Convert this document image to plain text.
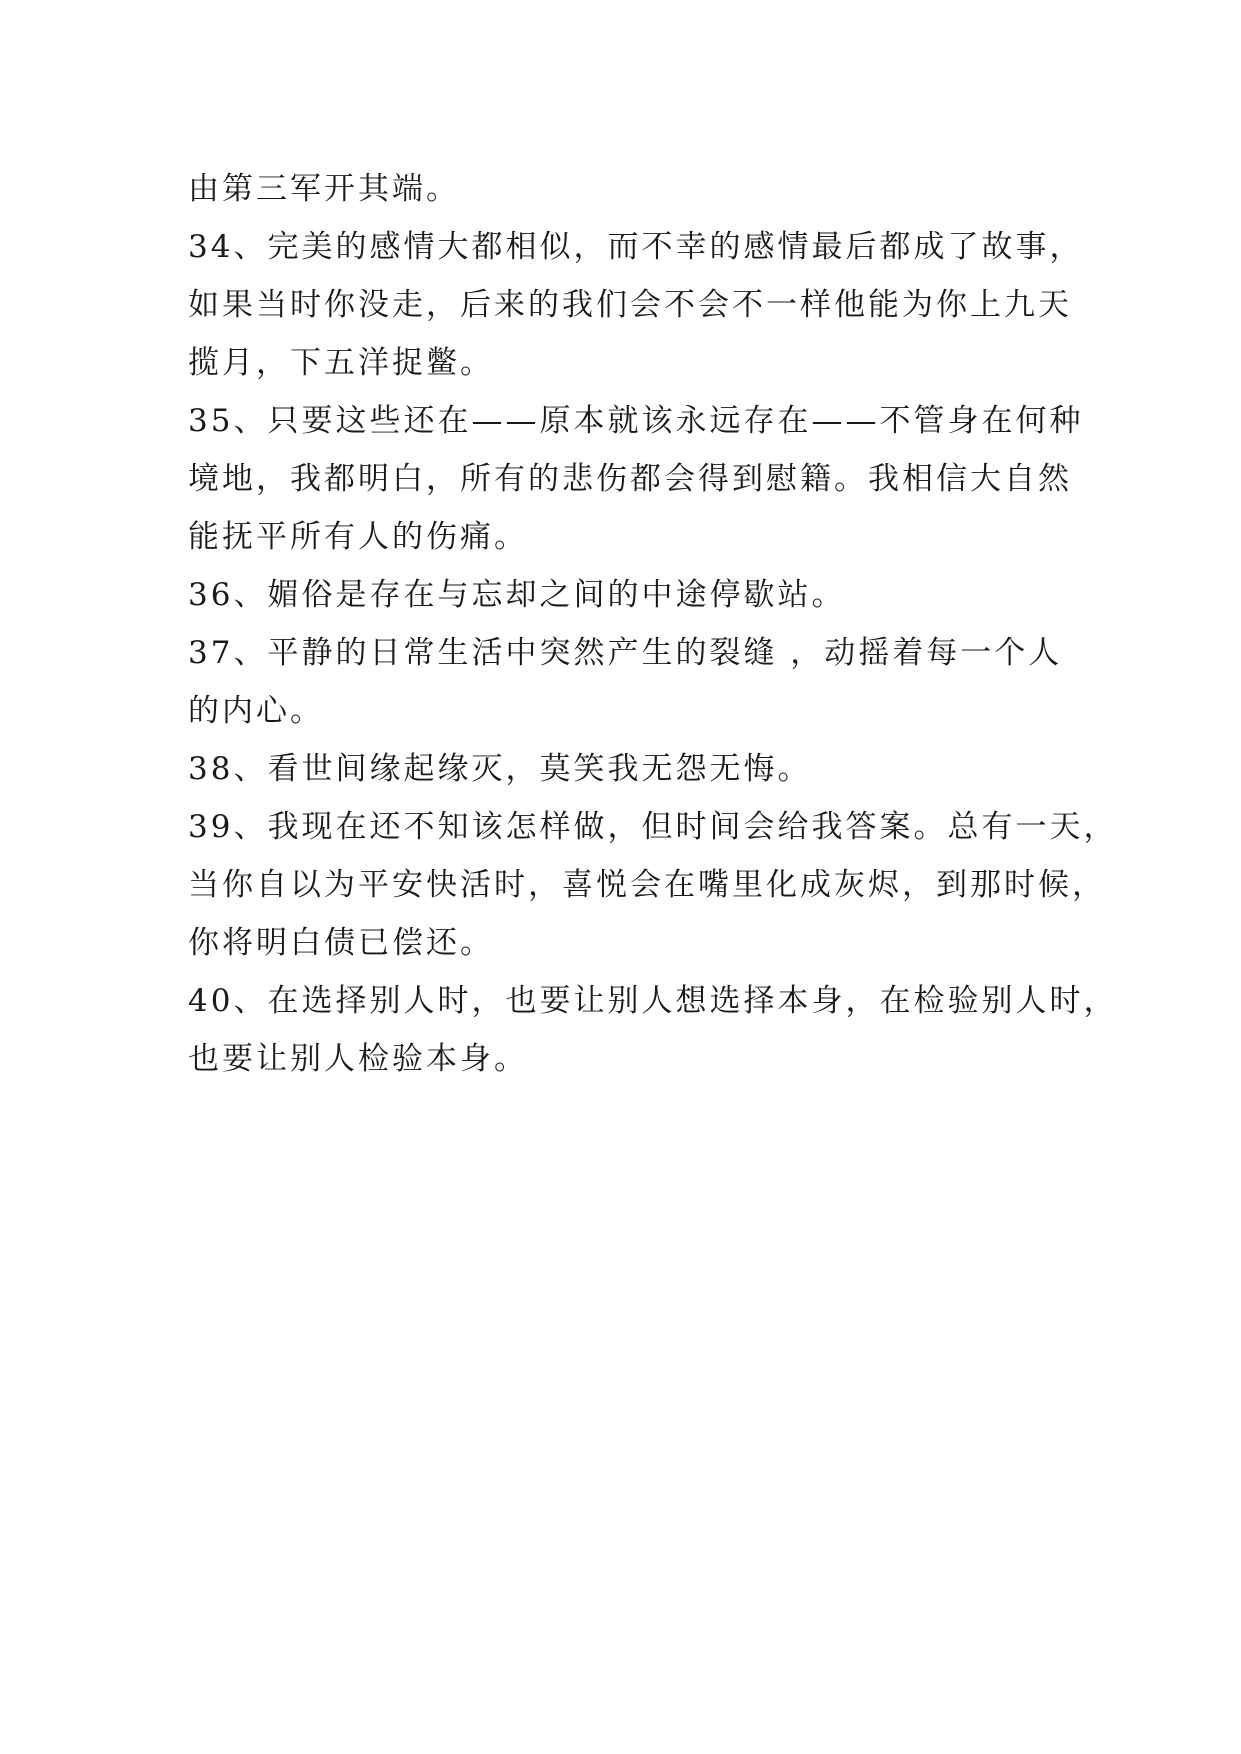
由第三军开其端。
34、完美的感情大都相似，而不幸的感情最后都成了故事，
如果当时你没走，后来的我们会不会不一样他能为你上九天
揽月，下五洋捉鳖。
35、只要这些还在——原本就该永远存在——不管身在何种
境地，我都明白，所有的悲伤都会得到慰籍。我相信大自然
能抚平所有人的伤痛。
36、媚俗是存在与忘却之间的中途停歇站。
37、平静的日常生活中突然产生的裂缝 ，动摇着每一个人
的内心。
38、看世间缘起缘灭，莫笑我无怨无悔。
39、我现在还不知该怎样做，但时间会给我答案。总有一天，
当你自以为平安快活时，喜悦会在嘴里化成灰烬，到那时候，
你将明白债已偿还。
40、在选择别人时，也要让别人想选择本身，在检验别人时，
也要让别人检验本身。
